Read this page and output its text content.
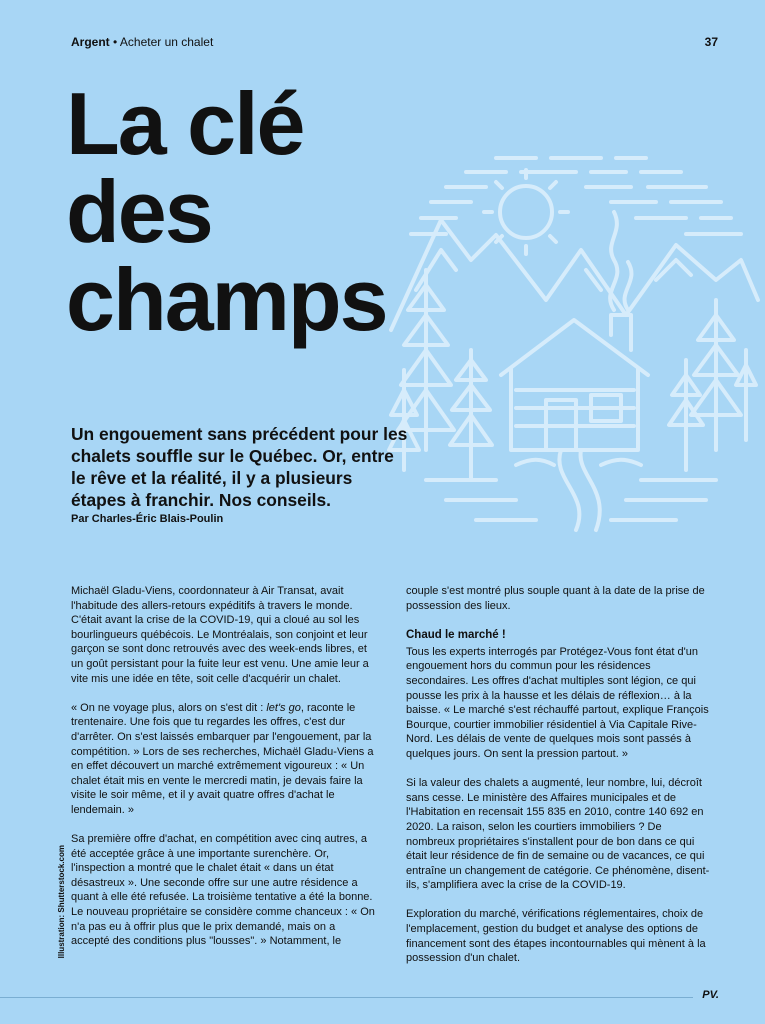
Argent • Acheter un chalet	37
La clé
des
champs

Un engouement sans précédent pour les chalets souffle sur le Québec. Or, entre le rêve et la réalité, il y a plusieurs étapes à franchir. Nos conseils.

Par Charles-Éric Blais-Poulin
Illustration: Shutterstock.com

Michaël Gladu-Viens, coordonnateur à Air Transat, avait l'habitude des allers-retours expéditifs à travers le monde. C'était avant la crise de la COVID-19, qui a cloué au sol les bourlingueurs québécois. Le Montréalais, son conjoint et leur garçon se sont donc retrouvés avec des week-ends libres, et un goût persistant pour la fuite leur est venu. Une amie leur a vite mis une idée en tête, soit celle d'acquérir un chalet.

« On ne voyage plus, alors on s'est dit : let's go, raconte le trentenaire. Une fois que tu regardes les offres, c'est dur d'arrêter. On s'est laissés embarquer par l'engouement, par la compétition. » Lors de ses recherches, Michaël Gladu-Viens a en effet découvert un marché extrêmement vigoureux : « Un chalet était mis en vente le mercredi matin, je devais faire la visite le soir même, et il y avait quatre offres d'achat le lendemain. »

Sa première offre d'achat, en compétition avec cinq autres, a été acceptée grâce à une importante surenchère. Or, l'inspection a montré que le chalet était « dans un état désastreux ». Une seconde offre sur une autre résidence a quant à elle été refusée. La troisième tentative a été la bonne. Le nouveau propriétaire se considère comme chanceux : « On n'a pas eu à offrir plus que le prix demandé, mais on a accepté des conditions plus "lousses". » Notamment, le

couple s'est montré plus souple quant à la date de la prise de possession des lieux.

Chaud le marché !

Tous les experts interrogés par Protégez-Vous font état d'un engouement hors du commun pour les résidences secondaires. Les offres d'achat multiples sont légion, ce qui pousse les prix à la hausse et les délais de réflexion… à la baisse. « Le marché s'est réchauffé partout, explique François Bourque, courtier immobilier résidentiel à Via Capitale Rive-Nord. Les délais de vente de quelques mois sont passés à quelques jours. On sent la pression partout. »

Si la valeur des chalets a augmenté, leur nombre, lui, décroît sans cesse. Le ministère des Affaires municipales et de l'Habitation en recensait 155 835 en 2010, contre 140 692 en 2020. La raison, selon les courtiers immobiliers ? De nombreux propriétaires s'installent pour de bon dans ce qui était leur résidence de fin de semaine ou de vacances, ce qui entraîne un changement de catégorie. Ce phénomène, disent-ils, s'amplifiera avec la crise de la COVID-19.

Exploration du marché, vérifications réglementaires, choix de l'emplacement, gestion du budget et analyse des options de financement sont des étapes incontournables qui mènent à la possession d'un chalet.

PV.
